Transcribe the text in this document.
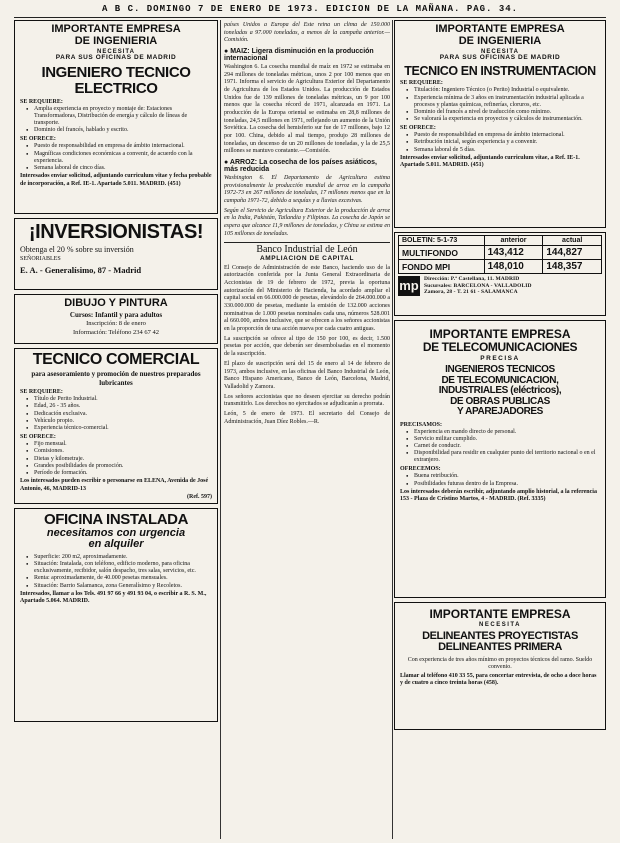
A B C. DOMINGO 7 DE ENERO DE 1973. EDICION DE LA MAÑANA. PAG. 34.

IMPORTANTE EMPRESA

DE INGENIERIA

NECESITA

PARA SUS OFICINAS DE MADRID

INGENIERO TECNICO

ELECTRICO

SE REQUIERE:

● Amplia experiencia en proyecto y montaje de: Estaciones Transformadoras, Distribución de energía y cálculo de líneas de transporte.
● Dominio del francés, hablado y escrito.

SE OFRECE:

● Puesto de responsabilidad en empresa de ámbito internacional.
● Magníficas condiciones económicas a convenir, de acuerdo con la experiencia.
● Semana laboral de cinco días.

Interesados enviar solicitud, adjuntando curriculum vitae y fecha probable de incorporación, a Ref. IE-1. Apartado 5.011. MADRID. (451)

¡INVERSIONISTAS!

Obtenga el 20 % sobre su inversión

SEÑORIABLES

E. A. - Generalísimo, 87 - Madrid

DIBUJO Y PINTURA

Cursos: Infantil y para adultos

Inscripción: 8 de enero

Información: Teléfono 234 67 42

TECNICO COMERCIAL

para asesoramiento y promoción de nuestros preparados lubricantes

SE REQUIERE:

● Título de Perito Industrial.
● Edad, 26 - 35 años.
● Dedicación exclusiva.
● Vehículo propio.
● Experiencia técnico-comercial.

SE OFRECE:

● Fijo mensual.
● Comisiones.
● Dietas y kilometraje.
● Grandes posibilidades de promoción.
● Período de formación.

Los interesados pueden escribir o personarse en ELENA, Avenida de José Antonio, 46, MADRID-13

(Ref. 597)

OFICINA INSTALADA

necesitamos con urgencia

en alquiler

● Superficie: 200 m2, aproximadamente.
● Situación: Instalada, con teléfono, edificio moderno, para oficina exclusivamente, recibidor, salón despacho, tres salas, servicios, etc.
● Renta: aproximadamente, de 40.000 pesetas mensuales.
● Situación: Barrio Salamanca, zona Generalísimo y Recoletos.

Interesados, llamar a los Tels. 491 97 66 y 491 93 04, o escribir a R. S. M., Apartado 5.064. MADRID.

países Unidos a Europa del Este reina un clima de 150.000 toneladas a 97.000 toneladas, a menos de la campaña anterior.—Comisión.

● MAIZ: Ligera disminución en la producción internacional

Washington 6. La cosecha mundial de maíz en 1972 se estimaba en 294 millones de toneladas métricas, unos 2 por 100 menos que en 1971. Informa el servicio de Agricultura Exterior del Departamento de Agricultura de los Estados Unidos. La producción de Estados Unidos fue de 139 millones de toneladas métricas, un 9 por 100 menos que la cosecha récord de 1971, alcanzada en 1971. La producción de la Europa oriental se estimaba en 28,8 millones de toneladas, 24,5 millones en 1971, reflejando un aumento de la Unión Soviética. La cosecha del hemisferio sur fue de 17 millones, bajo 12 por 100. China, debido al mal tiempo, produjo 28 millones de toneladas, un descenso de un 20 millones de toneladas, y la de 25,5 millones se mantuvo constante.—Comisión.

● ARROZ: La cosecha de los países asiáticos, más reducida

Washington 6. El Departamento de Agricultura estima provisionalmente la producción mundial de arroz en la campaña 1972-73 en 267 millones de toneladas, 17 millones menos que en la campaña 1971-72, debido a sequías y a lluvias excesivas.

Según el Servicio de Agricultura Exterior de la producción de arroz en la India, Pakistán, Tailandia y Filipinas. La cosecha de Japón se espera que alcance 11,9 millones de toneladas, y China se estima en 105 millones de toneladas.

Banco Industrial de León

AMPLIACION DE CAPITAL

El Consejo de Administración de este Banco, haciendo uso de la autorización conferida por la Junta General Extraordinaria de Accionistas de 19 de febrero de 1972, previa la oportuna autorización del Ministerio de Hacienda, ha acordado ampliar el capital social en 66.000.000 de pesetas, elevándolo de 264.000.000 a 330.000.000 de pesetas, mediante la emisión de 132.000 acciones nominativas de 1.000 pesetas nominales cada una, números 528.001 al 660.000, ambos inclusive, que se ofrecen a los señores accionistas en la proporción de una acción nueva por cada cuatro antiguas.

La suscripción se ofrece al tipo de 150 por 100, es decir, 1.500 pesetas por acción, que deberán ser desembolsadas en el momento de la suscripción.

El plazo de suscripción será del 15 de enero al 14 de febrero de 1973, ambos inclusive, en las oficinas del Banco Industrial de León, Banco Hispano Americano, Banco de León, Barcelona, Madrid, Valladolid y Zamora.

Los señores accionistas que no deseen ejercitar su derecho podrán transmitirlo. Los derechos no ejercitados se adjudicarán a prorrata.

León, 5 de enero de 1973. El secretario del Consejo de Administración, Juan Díez Robles.—R.

IMPORTANTE EMPRESA

DE INGENIERIA

NECESITA

PARA SUS OFICINAS DE MADRID

TECNICO EN INSTRUMENTACION

SE REQUIERE:

● Titulación: Ingeniero Técnico (o Perito) Industrial o equivalente.
● Experiencia mínima de 3 años en instrumentación industrial aplicada a procesos y plantas químicas, refinerías, cloruros, etc.
● Dominio del francés a nivel de traducción como mínimo.
● Se valorará la experiencia en proyectos y cálculos de instrumentación.

SE OFRECE:

● Puesto de responsabilidad en empresa de ámbito internacional.
● Retribución inicial, según experiencia y a convenir.
● Semana laboral de 5 días.

Interesados enviar solicitud, adjuntando curriculum vitae, a Ref. IE-1. Apartado 5.011. MADRID. (451)

BOLETIN: 5-1-73	anterior	actual
MULTIFONDO	143,412	144,827
FONDO MPI	148,010	148,357
mp Dirección: P.ª Castellana, 11. MADRID
Sucursales: BARCELONA - VALLADOLID
Zamora, 28 - T. 21 61 - SALAMANCA

IMPORTANTE EMPRESA

DE TELECOMUNICACIONES

PRECISA

INGENIEROS TECNICOS

DE TELECOMUNICACION,

INDUSTRIALES (eléctricos),

DE OBRAS PUBLICAS

Y APAREJADORES

PRECISAMOS:

● Experiencia en mando directo de personal.
● Servicio militar cumplido.
● Carnet de conducir.
● Disponibilidad para residir en cualquier punto del territorio nacional o en el extranjero.

OFRECEMOS:

● Buena retribución.
● Posibilidades futuras dentro de la Empresa.

Los interesados deberán escribir, adjuntando amplio historial, a la referencia 153 - Plaza de Cristino Martos, 4 - MADRID. (Ref. 3335)

IMPORTANTE EMPRESA

NECESITA

DELINEANTES PROYECTISTAS

DELINEANTES PRIMERA

Con experiencia de tres años mínimo en proyectos técnicos del ramo. Sueldo convenio.

Llamar al teléfono 410 33 55, para concertar entrevista, de ocho a doce horas y de cuatro a cinco treinta horas (458).
